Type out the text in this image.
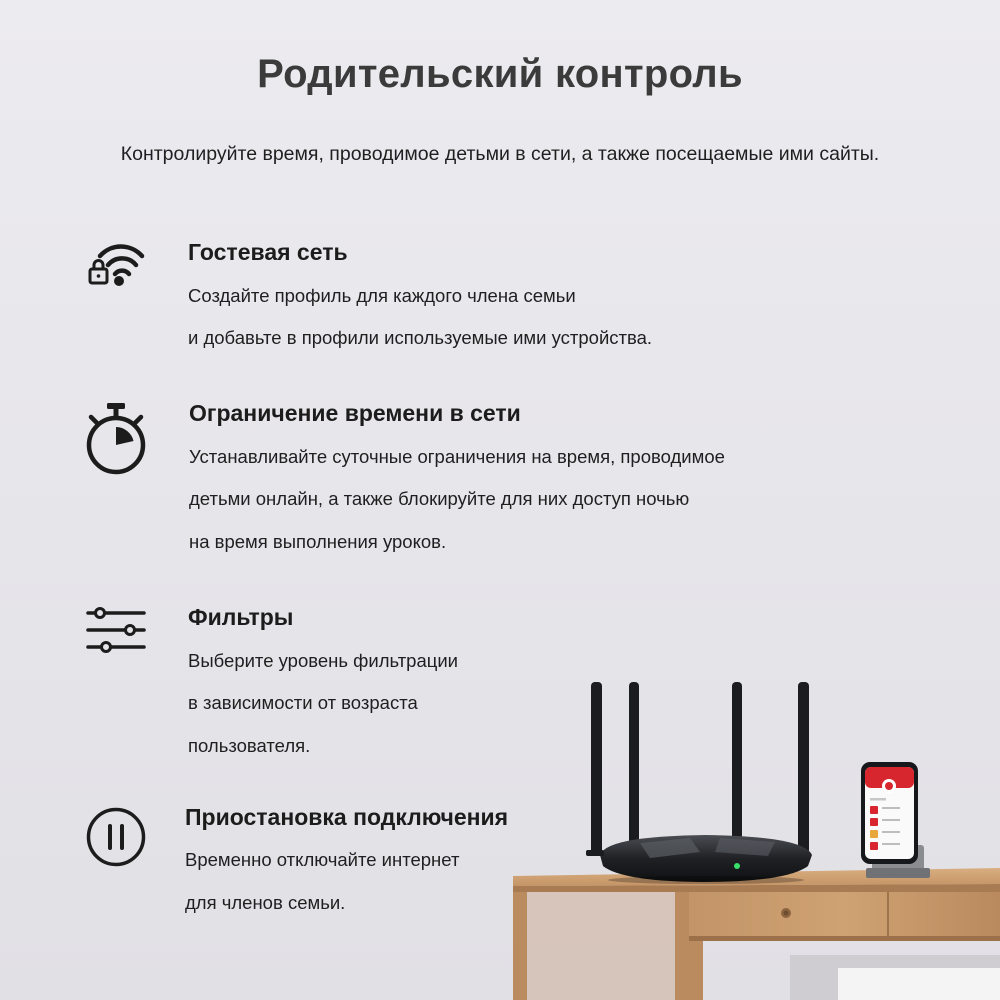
Родительский контроль
Контролируйте время, проводимое детьми в сети, а также посещаемые ими сайты.
Гостевая сеть
Создайте профиль для каждого члена семьи
и добавьте в профили используемые ими устройства.
Ограничение времени в сети
Устанавливайте суточные ограничения на время, проводимое
детьми онлайн, а также блокируйте для них доступ ночью
на время выполнения уроков.
Фильтры
Выберите уровень фильтрации
в зависимости от возраста
пользователя.
Приостановка подключения
Временно отключайте интернет
для членов семьи.
